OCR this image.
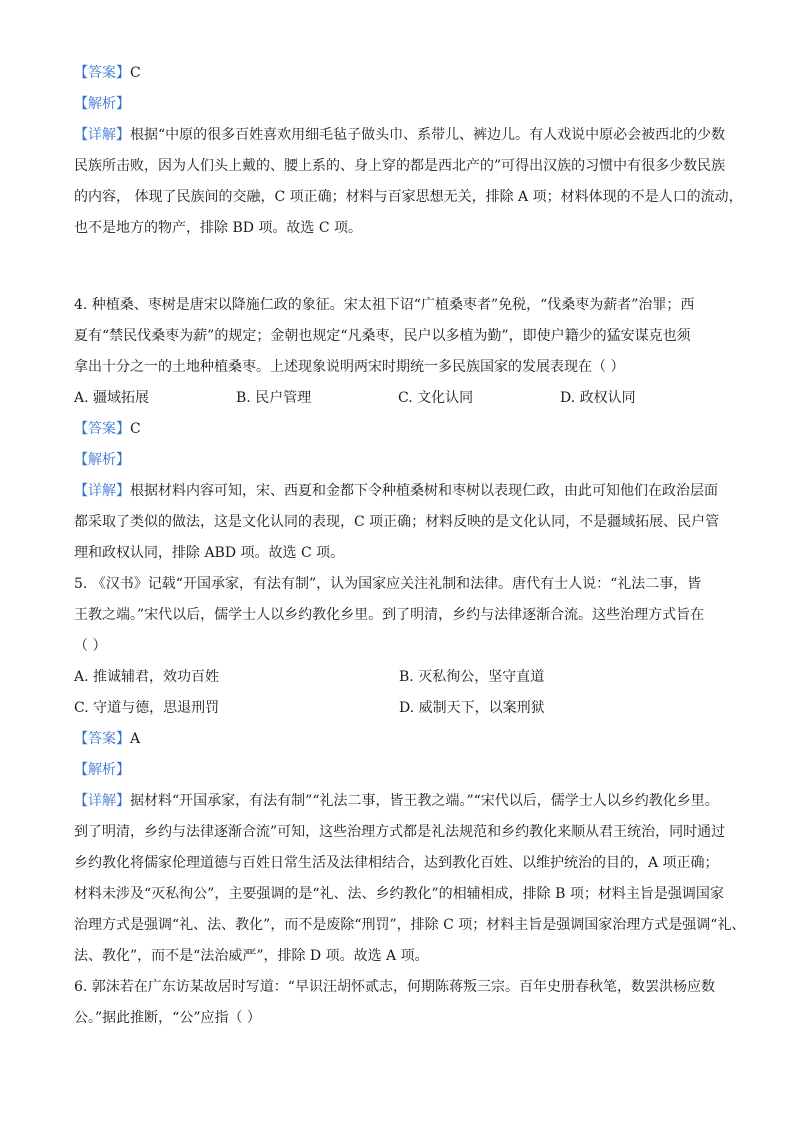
【答案】C
【解析】
【详解】根据“中原的很多百姓喜欢用细毛毡子做头巾、系带儿、裤边儿。有人戏说中原必会被西北的少数
民族所击败，因为人们头上戴的、腰上系的、身上穿的都是西北产的”可得出汉族的习惯中有很多少数民族
的内容， 体现了民族间的交融，C 项正确；材料与百家思想无关，排除 A 项；材料体现的不是人口的流动，
也不是地方的物产，排除 BD 项。故选 C 项。
4. 种植桑、枣树是唐宋以降施仁政的象征。宋太祖下诏“广植桑枣者”免税，“伐桑枣为薪者”治罪；西
夏有“禁民伐桑枣为薪”的规定；金朝也规定“凡桑枣，民户以多植为勤”，即使户籍少的猛安谋克也须
拿出十分之一的土地种植桑枣。上述现象说明两宋时期统一多民族国家的发展表现在（ ）
A. 疆域拓展	B. 民户管理	C. 文化认同	D. 政权认同
【答案】C
【解析】
【详解】根据材料内容可知，宋、西夏和金都下令种植桑树和枣树以表现仁政，由此可知他们在政治层面
都采取了类似的做法，这是文化认同的表现，C 项正确；材料反映的是文化认同，不是疆域拓展、民户管
理和政权认同，排除 ABD 项。故选 C 项。
5. 《汉书》记载“开国承家，有法有制”，认为国家应关注礼制和法律。唐代有士人说：“礼法二事，皆
王教之端。”宋代以后，儒学士人以乡约教化乡里。到了明清，乡约与法律逐渐合流。这些治理方式旨在
（ ）
A. 推诚辅君，效功百姓	B. 灭私徇公，坚守直道
C. 守道与德，思退刑罚	D. 威制天下，以案刑狱
【答案】A
【解析】
【详解】据材料“开国承家，有法有制”“礼法二事，皆王教之端。”“宋代以后，儒学士人以乡约教化乡里。
到了明清，乡约与法律逐渐合流”可知，这些治理方式都是礼法规范和乡约教化来顺从君王统治，同时通过
乡约教化将儒家伦理道德与百姓日常生活及法律相结合，达到教化百姓、以维护统治的目的，A 项正确；
材料未涉及“灭私徇公”，主要强调的是“礼、法、乡约教化”的相辅相成，排除 B 项；材料主旨是强调国家
治理方式是强调“礼、法、教化”，而不是废除“刑罚”，排除 C 项；材料主旨是强调国家治理方式是强调“礼、
法、教化”，而不是“法治威严”，排除 D 项。故选 A 项。
6. 郭沫若在广东访某故居时写道：“早识汪胡怀贰志，何期陈蒋叛三宗。百年史册春秋笔，数罢洪杨应数
公。”据此推断，“公”应指（ ）
